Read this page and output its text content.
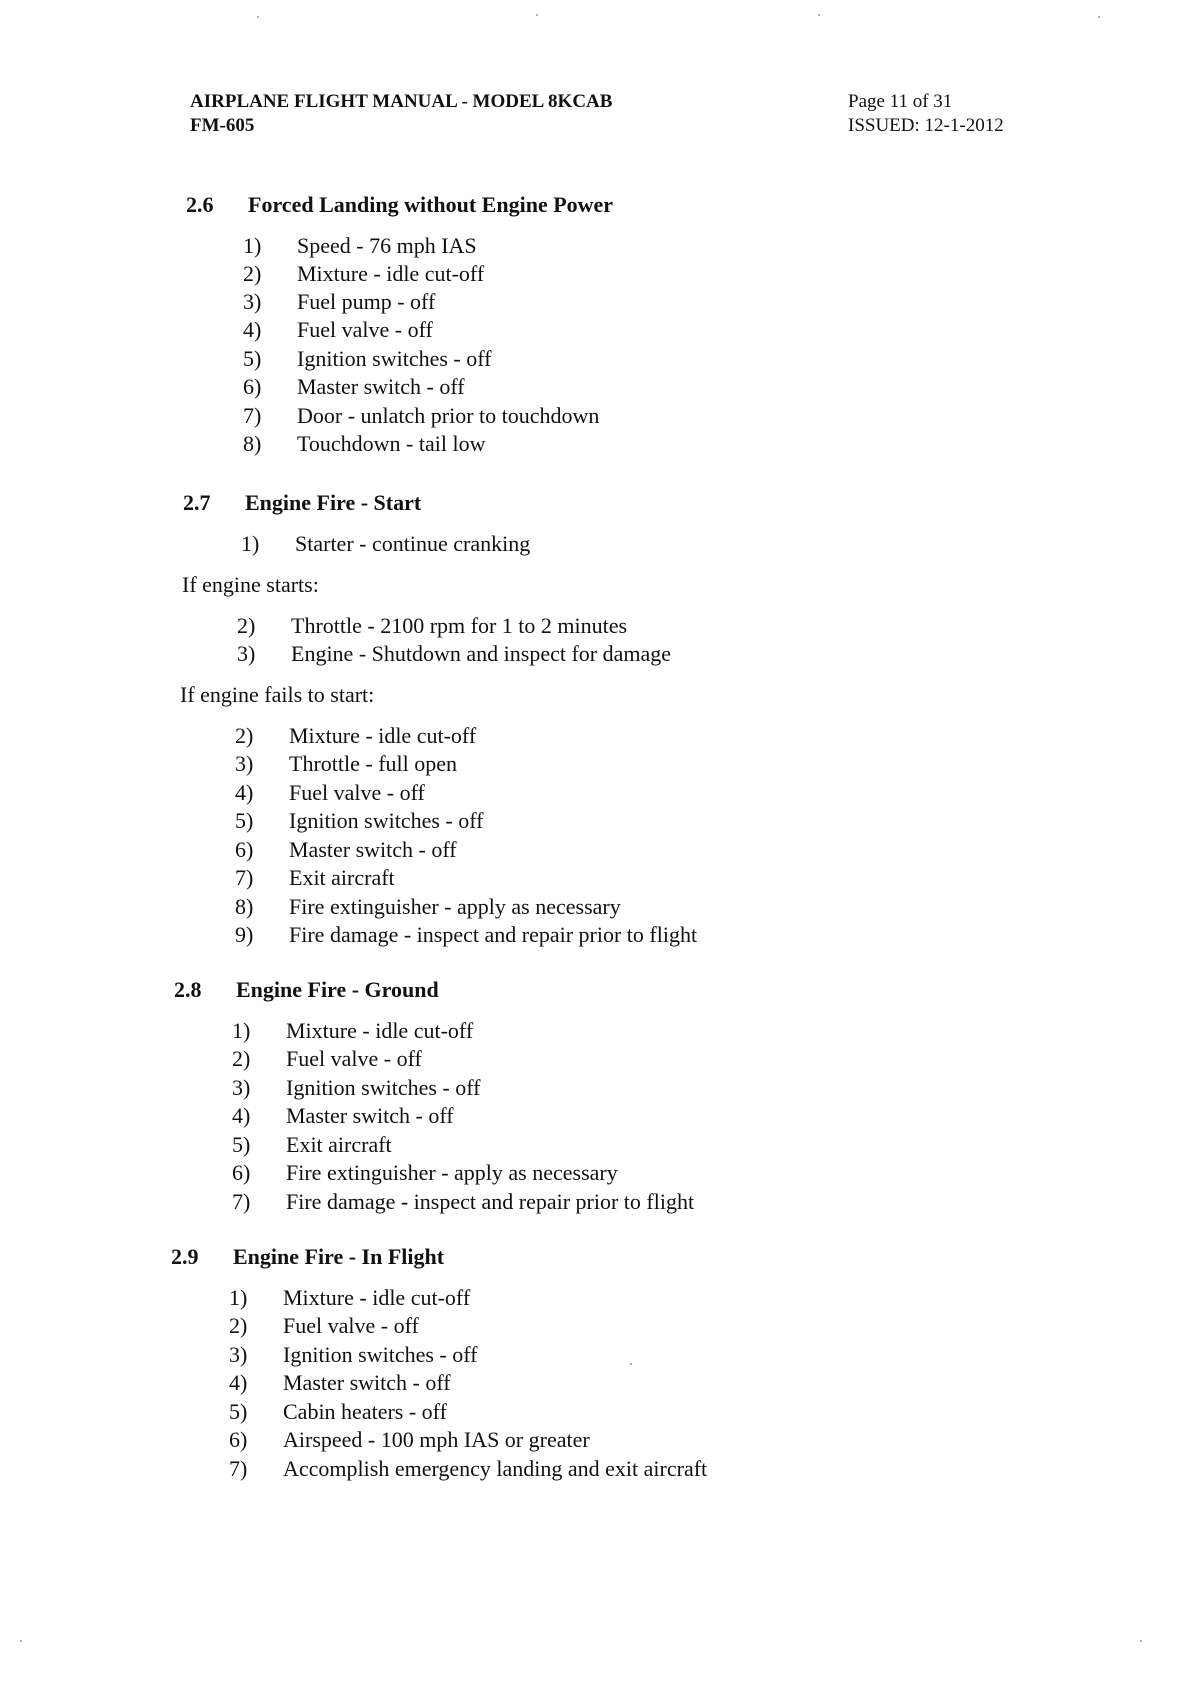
AIRPLANE FLIGHT MANUAL - MODEL 8KCAB
FM-605
Page 11 of 31
ISSUED: 12-1-2012
2.6 Forced Landing without Engine Power
1) Speed - 76 mph IAS
2) Mixture - idle cut-off
3) Fuel pump - off
4) Fuel valve - off
5) Ignition switches - off
6) Master switch - off
7) Door - unlatch prior to touchdown
8) Touchdown - tail low
2.7 Engine Fire - Start
1) Starter - continue cranking
If engine starts:
2) Throttle - 2100 rpm for 1 to 2 minutes
3) Engine - Shutdown and inspect for damage
If engine fails to start:
2) Mixture - idle cut-off
3) Throttle - full open
4) Fuel valve - off
5) Ignition switches - off
6) Master switch - off
7) Exit aircraft
8) Fire extinguisher - apply as necessary
9) Fire damage - inspect and repair prior to flight
2.8 Engine Fire - Ground
1) Mixture - idle cut-off
2) Fuel valve - off
3) Ignition switches - off
4) Master switch - off
5) Exit aircraft
6) Fire extinguisher - apply as necessary
7) Fire damage - inspect and repair prior to flight
2.9 Engine Fire - In Flight
1) Mixture - idle cut-off
2) Fuel valve - off
3) Ignition switches - off
4) Master switch - off
5) Cabin heaters - off
6) Airspeed - 100 mph IAS or greater
7) Accomplish emergency landing and exit aircraft
